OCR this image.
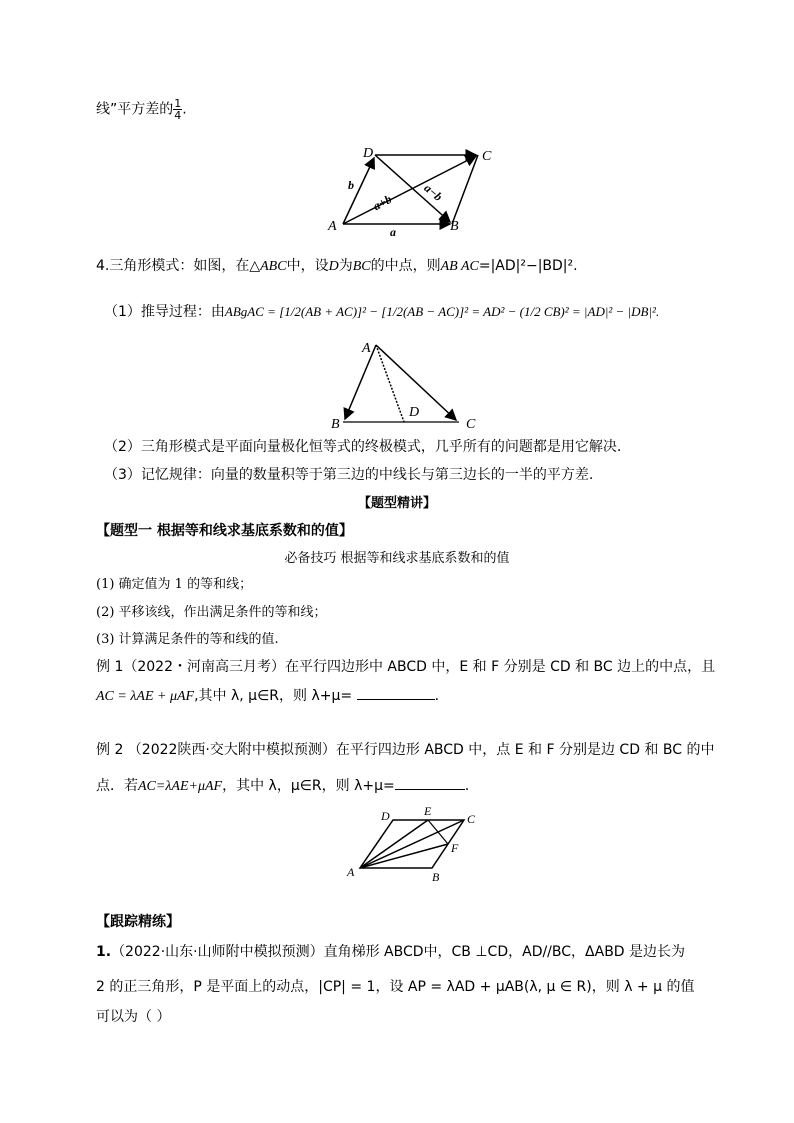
线”平方差的 $\frac{1}{4}$ .
A	B
C
D
b
a
a+b a−b
4.三角形模式：如图，在△ABC中，设D为BC的中点，则AB AC=|AD|²−|BD|².
（1）推导过程：由ABgAC = [1/2(AB + AC)]² − [1/2(AB − AC)]² = AD² − (1/2 CB)² = |AD|² − |DB|².
A
B	C
D
（2）三角形模式是平面向量极化恒等式的终极模式，几乎所有的问题都是用它解决.
（3）记忆规律：向量的数量积等于第三边的中线长与第三边长的一半的平方差.
【题型精讲】
【题型一 根据等和线求基底系数和的值】
必备技巧 根据等和线求基底系数和的值
(1) 确定值为 1 的等和线；
(2) 平移该线，作出满足条件的等和线；
(3) 计算满足条件的等和线的值.
例 1（2022・河南高三月考）在平行四边形中 ABCD 中，E 和 F 分别是 CD 和 BC 边上的中点，且
AC = λAE + μAF,其中 λ, μ∈R，则 λ+μ=	.
例 2 （2022陕西·交大附中模拟预测）在平行四边形 ABCD 中，点 E 和 F 分别是边 CD 和 BC 的中
点．若AC=λAE+μAF，其中 λ，μ∈R，则 λ+μ=	.
A	B
C
D	E
F
【跟踪精练】
1.（2022·山东·山师附中模拟预测）直角梯形 ABCD中，CB ⊥CD，AD//BC，ΔABD 是边长为
2 的正三角形，P 是平面上的动点，|CP| = 1，设 AP = λAD + μAB(λ, μ ∈ R)，则 λ + μ 的值
可以为（ ）
